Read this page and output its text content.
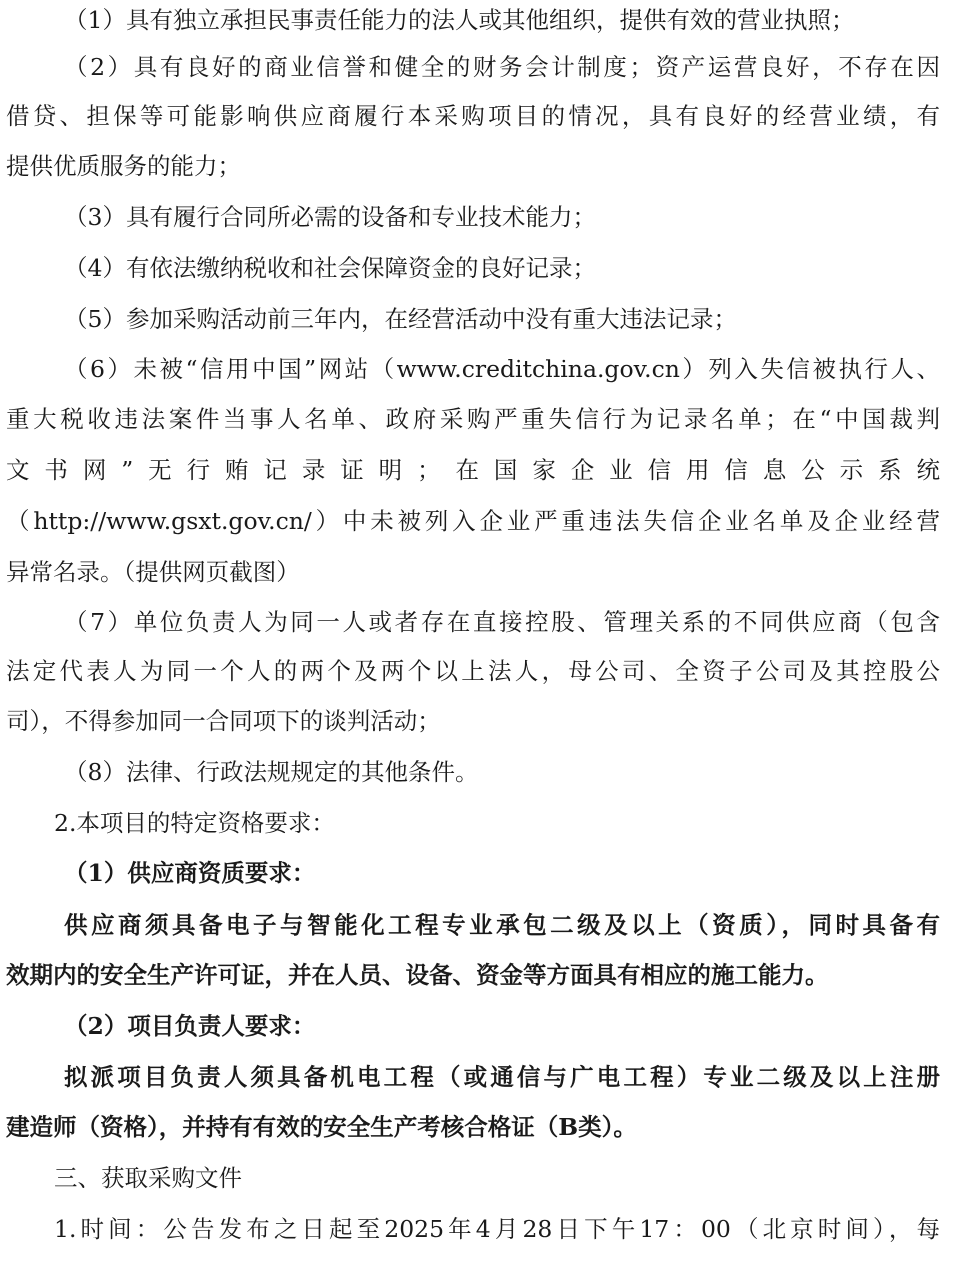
（1）具有独立承担民事责任能力的法人或其他组织，提供有效的营业执照；
（2）具有良好的商业信誉和健全的财务会计制度；资产运营良好，不存在因
借贷、担保等可能影响供应商履行本采购项目的情况，具有良好的经营业绩，有
提供优质服务的能力；
（3）具有履行合同所必需的设备和专业技术能力；
（4）有依法缴纳税收和社会保障资金的良好记录；
（5）参加采购活动前三年内，在经营活动中没有重大违法记录；
（6）未被“信用中国”网站（www.creditchina.gov.cn）列入失信被执行人、
重大税收违法案件当事人名单、政府采购严重失信行为记录名单；在“中国裁判
文书网”无行贿记录证明；在国家企业信用信息公示系统
（http://www.gsxt.gov.cn/）中未被列入企业严重违法失信企业名单及企业经营
异常名录。（提供网页截图）
（7）单位负责人为同一人或者存在直接控股、管理关系的不同供应商（包含
法定代表人为同一个人的两个及两个以上法人，母公司、全资子公司及其控股公
司），不得参加同一合同项下的谈判活动；
（8）法律、行政法规规定的其他条件。
2.本项目的特定资格要求：
（1）供应商资质要求：
供应商须具备电子与智能化工程专业承包二级及以上（资质），同时具备有
效期内的安全生产许可证，并在人员、设备、资金等方面具有相应的施工能力。
（2）项目负责人要求：
拟派项目负责人须具备机电工程（或通信与广电工程）专业二级及以上注册
建造师（资格），并持有有效的安全生产考核合格证（B类）。
三、获取采购文件
1.时间：公告发布之日起至2025年4月28日下午17：00（北京时间），每
